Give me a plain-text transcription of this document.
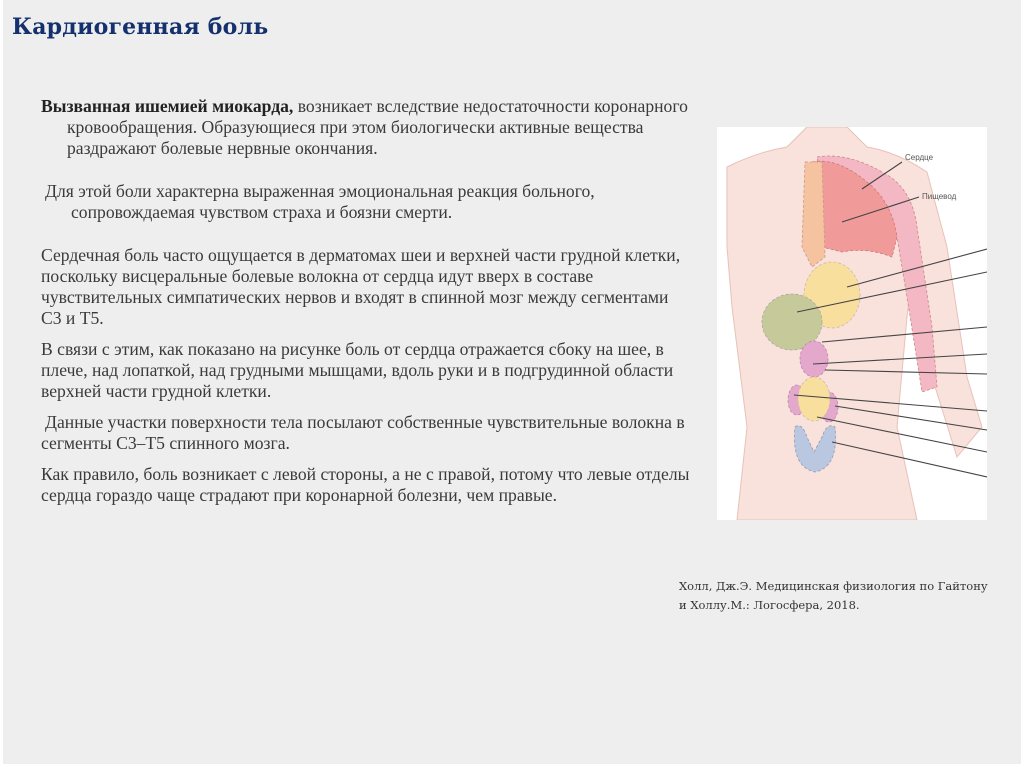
Кардиогенная боль

Вызванная ишемией миокарда, возникает вследствие недостаточности коронарного кровообращения. Образующиеся при этом биологически активные вещества раздражают болевые нервные окончания.

Для этой боли характерна выраженная эмоциональная реакция больного, сопровождаемая чувством страха и боязни смерти.

Сердечная боль часто ощущается в дерматомах шеи и верхней части грудной клетки, поскольку висцеральные болевые волокна от сердца идут вверх в составе чувствительных симпатических нервов и входят в спинной мозг между сегментами C3 и T5.

В связи с этим, как показано на рисунке боль от сердца отражается сбоку на шее, в плече, над лопаткой, над грудными мышцами, вдоль руки и в подгрудинной области верхней части грудной клетки.

Данные участки поверхности тела посылают собственные чувствительные волокна в сегменты C3–T5 спинного мозга.

Как правило, боль возникает с левой стороны, а не с правой, потому что левые отделы сердца гораздо чаще страдают при коронарной болезни, чем правые.

Сердце
Пищевод
Холл, Дж.Э. Медицинская физиология по Гайтону
и Холлу.М.: Логосфера, 2018.
